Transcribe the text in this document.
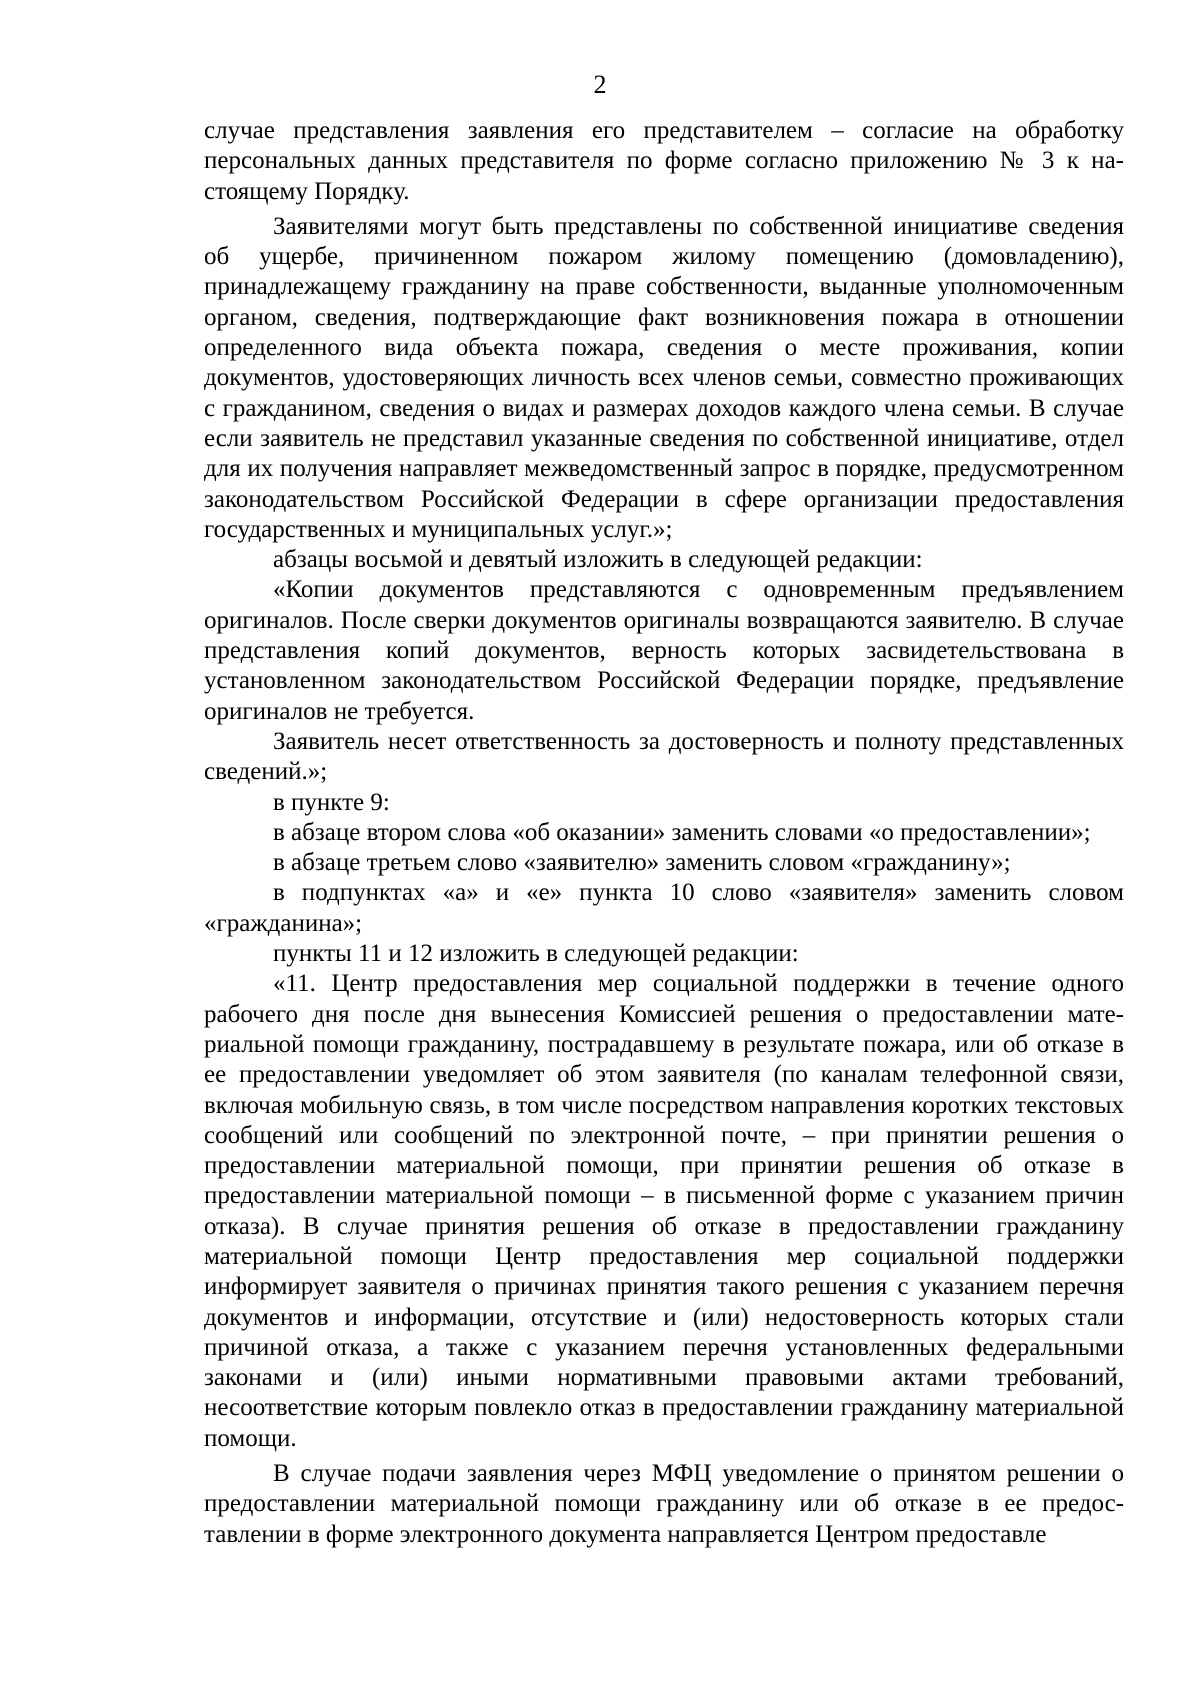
2

случае представления заявления его представителем – согласие на обработку персональных данных представителя по форме согласно приложению № 3 к настоящему Порядку.

Заявителями могут быть представлены по собственной инициативе сведения об ущербе, причиненном пожаром жилому помещению (домовладению), принадлежащему гражданину на праве собственности, выданные уполномоченным органом, сведения, подтверждающие факт возникновения пожара в отношении определенного вида объекта пожара, сведения о месте проживания, копии документов, удостоверяющих личность всех членов семьи, совместно проживающих с гражданином, сведения о видах и размерах доходов каждого члена семьи. В случае если заявитель не представил указанные сведения по собственной инициативе, отдел для их получения направляет межведомственный запрос в порядке, предусмотренном законодательством Российской Федерации в сфере организации предоставления государственных и муниципальных услуг.»;

абзацы восьмой и девятый изложить в следующей редакции:

«Копии документов представляются с одновременным предъявлением оригиналов. После сверки документов оригиналы возвращаются заявителю. В случае представления копий документов, верность которых засвидетельствована в установленном законодательством Российской Федерации порядке, предъявление оригиналов не требуется.

Заявитель несет ответственность за достоверность и полноту представленных сведений.»;

в пункте 9:

в абзаце втором слова «об оказании» заменить словами «о предоставлении»;

в абзаце третьем слово «заявителю» заменить словом «гражданину»;

в подпунктах «а» и «е» пункта 10 слово «заявителя» заменить словом «гражданина»;

пункты 11 и 12 изложить в следующей редакции:

«11. Центр предоставления мер социальной поддержки в течение одного рабочего дня после дня вынесения Комиссией решения о предоставлении материальной помощи гражданину, пострадавшему в результате пожара, или об отказе в ее предоставлении уведомляет об этом заявителя (по каналам телефонной связи, включая мобильную связь, в том числе посредством направления коротких текстовых сообщений или сообщений по электронной почте, – при принятии решения о предоставлении материальной помощи, при принятии решения об отказе в предоставлении материальной помощи – в письменной форме с указанием причин отказа). В случае принятия решения об отказе в предоставлении гражданину материальной помощи Центр предоставления мер социальной поддержки информирует заявителя о причинах принятия такого решения с указанием перечня документов и информации, отсутствие и (или) недостоверность которых стали причиной отказа, а также с указанием перечня установленных федеральными законами и (или) иными нормативными правовыми актами требований, несоответствие которым повлекло отказ в предоставлении гражданину материальной помощи.

В случае подачи заявления через МФЦ уведомление о принятом решении о предоставлении материальной помощи гражданину или об отказе в ее предоставлении в форме электронного документа направляется Центром предоставле
